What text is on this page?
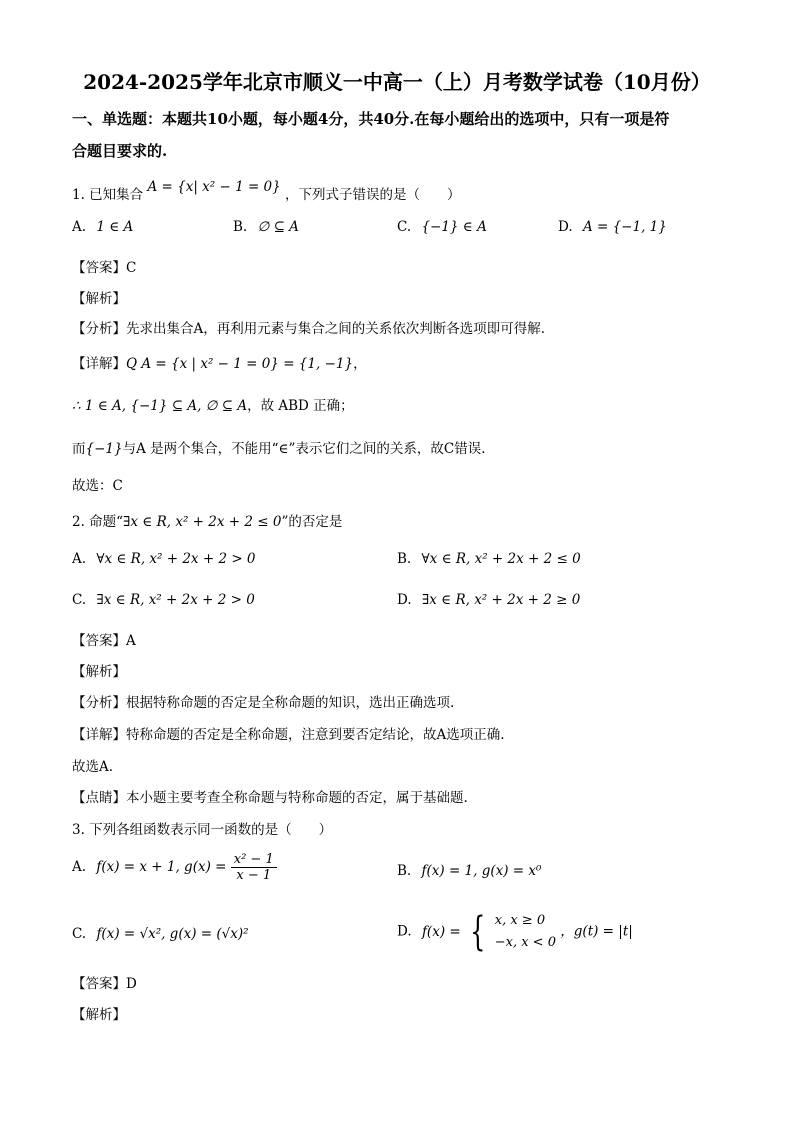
2024-2025学年北京市顺义一中高一（上）月考数学试卷（10月份）
一、单选题：本题共10小题，每小题4分，共40分.在每小题给出的选项中，只有一项是符
合题目要求的.
1. 已知集合 A = {x| x² − 1 = 0} ，下列式子错误的是（　　）
A. 1 ∈ A	B. ∅ ⊆ A	C. {−1} ∈ A	D. A = {−1, 1}
【答案】C
【解析】
【分析】先求出集合A，再利用元素与集合之间的关系依次判断各选项即可得解.
【详解】Q A = {x | x² − 1 = 0} = {1, −1}，
∴ 1 ∈ A, {−1} ⊆ A, ∅ ⊆ A，故 ABD 正确；
而{−1}与A 是两个集合，不能用“∈”表示它们之间的关系，故C错误.
故选：C
2. 命题“∃x ∈ R, x² + 2x + 2 ≤ 0”的否定是
A. ∀x ∈ R, x² + 2x + 2 > 0	B. ∀x ∈ R, x² + 2x + 2 ≤ 0
C. ∃x ∈ R, x² + 2x + 2 > 0	D. ∃x ∈ R, x² + 2x + 2 ≥ 0
【答案】A
【解析】
【分析】根据特称命题的否定是全称命题的知识，选出正确选项.
【详解】特称命题的否定是全称命题，注意到要否定结论，故A选项正确.
故选A.
【点睛】本小题主要考查全称命题与特称命题的否定，属于基础题.
3. 下列各组函数表示同一函数的是（　　）
A. f(x) = x + 1, $g(x) = \frac{\text{x² − 1}}{x - 1}$	B. f(x) = 1, g(x) = x⁰
C. f(x) = √x², g(x) = (√x)²	D. f(x) = { x, x ≥ 0
−x, x < 0
，g(t) = |t|
【答案】D
【解析】
